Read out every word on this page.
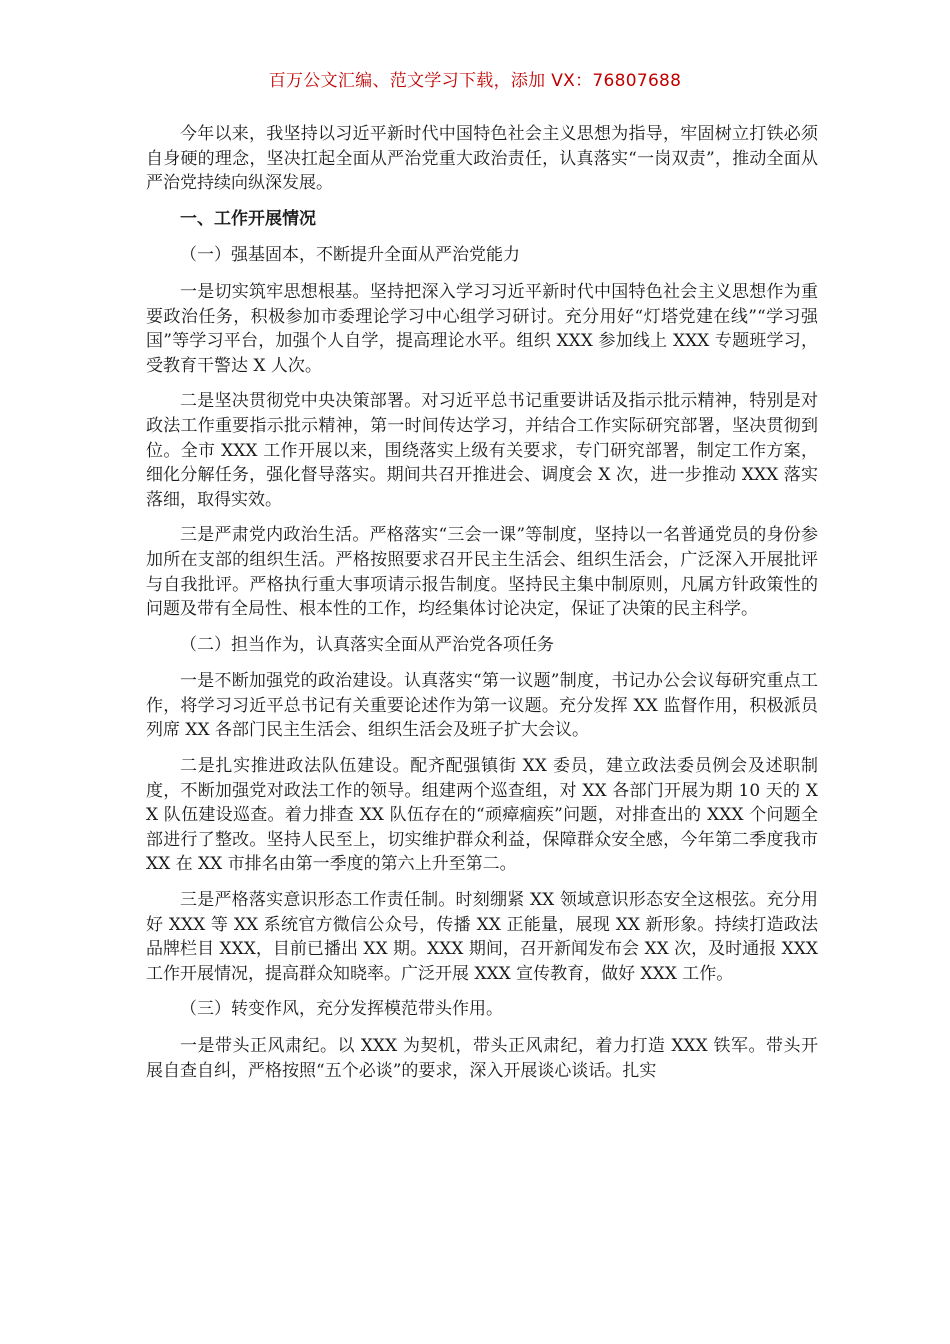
百万公文汇编、范文学习下载，添加 VX：76807688

今年以来，我坚持以习近平新时代中国特色社会主义思想为指导，牢固树立打铁必须自身硬的理念，坚决扛起全面从严治党重大政治责任，认真落实“一岗双责”，推动全面从严治党持续向纵深发展。

一、工作开展情况

（一）强基固本，不断提升全面从严治党能力

一是切实筑牢思想根基。坚持把深入学习习近平新时代中国特色社会主义思想作为重要政治任务，积极参加市委理论学习中心组学习研讨。充分用好“灯塔党建在线”“学习强国”等学习平台，加强个人自学，提高理论水平。组织 XXX 参加线上 XXX 专题班学习，受教育干警达 X 人次。

二是坚决贯彻党中央决策部署。对习近平总书记重要讲话及指示批示精神，特别是对政法工作重要指示批示精神，第一时间传达学习，并结合工作实际研究部署，坚决贯彻到位。全市 XXX 工作开展以来，围绕落实上级有关要求，专门研究部署，制定工作方案，细化分解任务，强化督导落实。期间共召开推进会、调度会 X 次，进一步推动 XXX 落实落细，取得实效。

三是严肃党内政治生活。严格落实“三会一课”等制度，坚持以一名普通党员的身份参加所在支部的组织生活。严格按照要求召开民主生活会、组织生活会，广泛深入开展批评与自我批评。严格执行重大事项请示报告制度。坚持民主集中制原则，凡属方针政策性的问题及带有全局性、根本性的工作，均经集体讨论决定，保证了决策的民主科学。

（二）担当作为，认真落实全面从严治党各项任务

一是不断加强党的政治建设。认真落实“第一议题”制度，书记办公会议每研究重点工作，将学习习近平总书记有关重要论述作为第一议题。充分发挥 XX 监督作用，积极派员列席 XX 各部门民主生活会、组织生活会及班子扩大会议。

二是扎实推进政法队伍建设。配齐配强镇街 XX 委员，建立政法委员例会及述职制度，不断加强党对政法工作的领导。组建两个巡查组，对 XX 各部门开展为期 10 天的 XX 队伍建设巡查。着力排查 XX 队伍存在的“顽瘴痼疾”问题，对排查出的 XXX 个问题全部进行了整改。坚持人民至上，切实维护群众利益，保障群众安全感，今年第二季度我市 XX 在 XX 市排名由第一季度的第六上升至第二。

三是严格落实意识形态工作责任制。时刻绷紧 XX 领域意识形态安全这根弦。充分用好 XXX 等 XX 系统官方微信公众号，传播 XX 正能量，展现 XX 新形象。持续打造政法品牌栏目 XXX，目前已播出 XX 期。XXX 期间，召开新闻发布会 XX 次，及时通报 XXX 工作开展情况，提高群众知晓率。广泛开展 XXX 宣传教育，做好 XXX 工作。

（三）转变作风，充分发挥模范带头作用。

一是带头正风肃纪。以 XXX 为契机，带头正风肃纪，着力打造 XXX 铁军。带头开展自查自纠，严格按照“五个必谈”的要求，深入开展谈心谈话。扎实
